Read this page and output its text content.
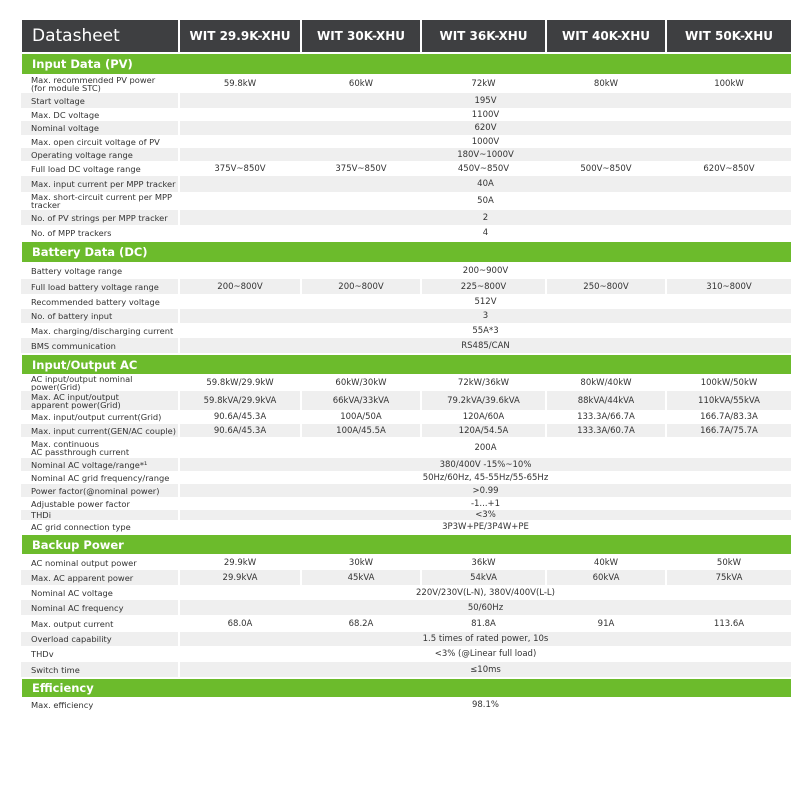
Datasheet	WIT 29.9K-XHU	WIT 30K-XHU	WIT 36K-XHU	WIT 40K-XHU	WIT 50K-XHU
Input Data (PV)					
Max. recommended PV power
(for module STC)	59.8kW	60kW	72kW	80kW	100kW
Start voltage	195V				
Max. DC voltage	1100V				
Nominal voltage	620V				
Max. open circuit voltage of PV	1000V				
Operating voltage range	180V~1000V				
Full load DC voltage range	375V~850V	375V~850V	450V~850V	500V~850V	620V~850V
Max. input current per MPP tracker	40A				
Max. short-circuit current per MPP tracker	50A				
No. of PV strings per MPP tracker	2				
No. of MPP trackers	4				
Battery Data (DC)					
Battery voltage range	200~900V				
Full load battery voltage range	200~800V	200~800V	225~800V	250~800V	310~800V
Recommended battery voltage	512V				
No. of battery input	3				
Max. charging/discharging current	55A*3				
BMS communication	RS485/CAN				
Input/Output AC					
AC input/output nominal power(Grid)	59.8kW/29.9kW	60kW/30kW	72kW/36kW	80kW/40kW	100kW/50kW
Max. AC input/output
apparent power(Grid)	59.8kVA/29.9kVA	66kVA/33kVA	79.2kVA/39.6kVA	88kVA/44kVA	110kVA/55kVA
Max. input/output current(Grid)	90.6A/45.3A	100A/50A	120A/60A	133.3A/66.7A	166.7A/83.3A
Max. input current(GEN/AC couple)	90.6A/45.3A	100A/45.5A	120A/54.5A	133.3A/60.7A	166.7A/75.7A
Max. continuous
AC passthrough current	200A				
Nominal AC voltage/range*¹	380/400V -15%~10%				
Nominal AC grid frequency/range	50Hz/60Hz, 45-55Hz/55-65Hz				
Power factor(@nominal power)	>0.99				
Adjustable power factor	-1...+1				
THDi	<3%				
AC grid connection type	3P3W+PE/3P4W+PE				
Backup Power					
AC nominal output power	29.9kW	30kW	36kW	40kW	50kW
Max. AC apparent power	29.9kVA	45kVA	54kVA	60kVA	75kVA
Nominal AC voltage	220V/230V(L-N), 380V/400V(L-L)				
Nominal AC frequency	50/60Hz				
Max. output current	68.0A	68.2A	81.8A	91A	113.6A
Overload capability	1.5 times of rated power, 10s				
THDv	<3% (@Linear full load)				
Switch time	≤10ms				
Efficiency					
Max. efficiency	98.1%				
